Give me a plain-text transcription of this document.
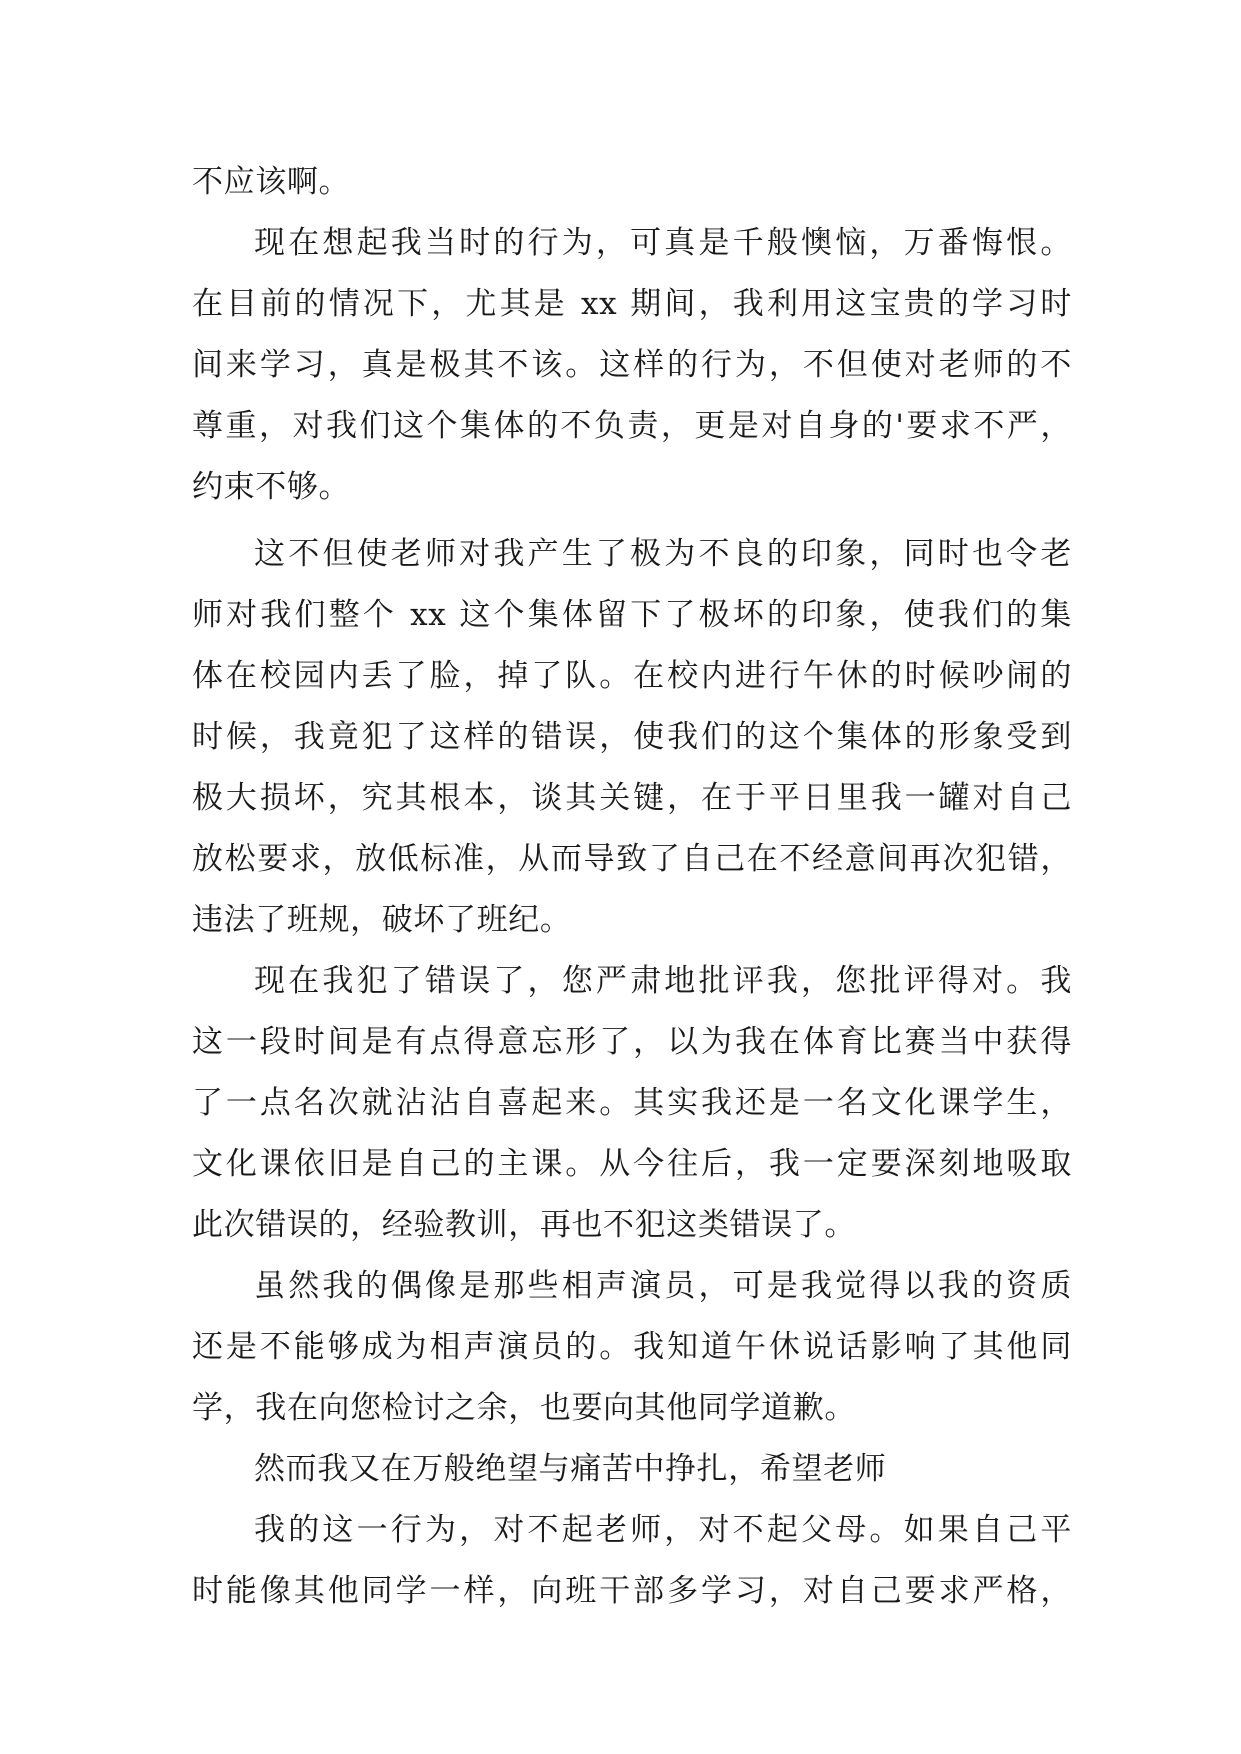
不应该啊。
现在想起我当时的行为，可真是千般懊恼，万番悔恨。
在目前的情况下，尤其是 xx 期间，我利用这宝贵的学习时
间来学习，真是极其不该。这样的行为，不但使对老师的不
尊重，对我们这个集体的不负责，更是对自身的'要求不严，
约束不够。
这不但使老师对我产生了极为不良的印象，同时也令老
师对我们整个 xx 这个集体留下了极坏的印象，使我们的集
体在校园内丢了脸，掉了队。在校内进行午休的时候吵闹的
时候，我竟犯了这样的错误，使我们的这个集体的形象受到
极大损坏，究其根本，谈其关键，在于平日里我一罐对自己
放松要求，放低标准，从而导致了自己在不经意间再次犯错，
违法了班规，破坏了班纪。
现在我犯了错误了，您严肃地批评我，您批评得对。我
这一段时间是有点得意忘形了，以为我在体育比赛当中获得
了一点名次就沾沾自喜起来。其实我还是一名文化课学生，
文化课依旧是自己的主课。从今往后，我一定要深刻地吸取
此次错误的，经验教训，再也不犯这类错误了。
虽然我的偶像是那些相声演员，可是我觉得以我的资质
还是不能够成为相声演员的。我知道午休说话影响了其他同
学，我在向您检讨之余，也要向其他同学道歉。
然而我又在万般绝望与痛苦中挣扎，希望老师
我的这一行为，对不起老师，对不起父母。如果自己平
时能像其他同学一样，向班干部多学习，对自己要求严格，
